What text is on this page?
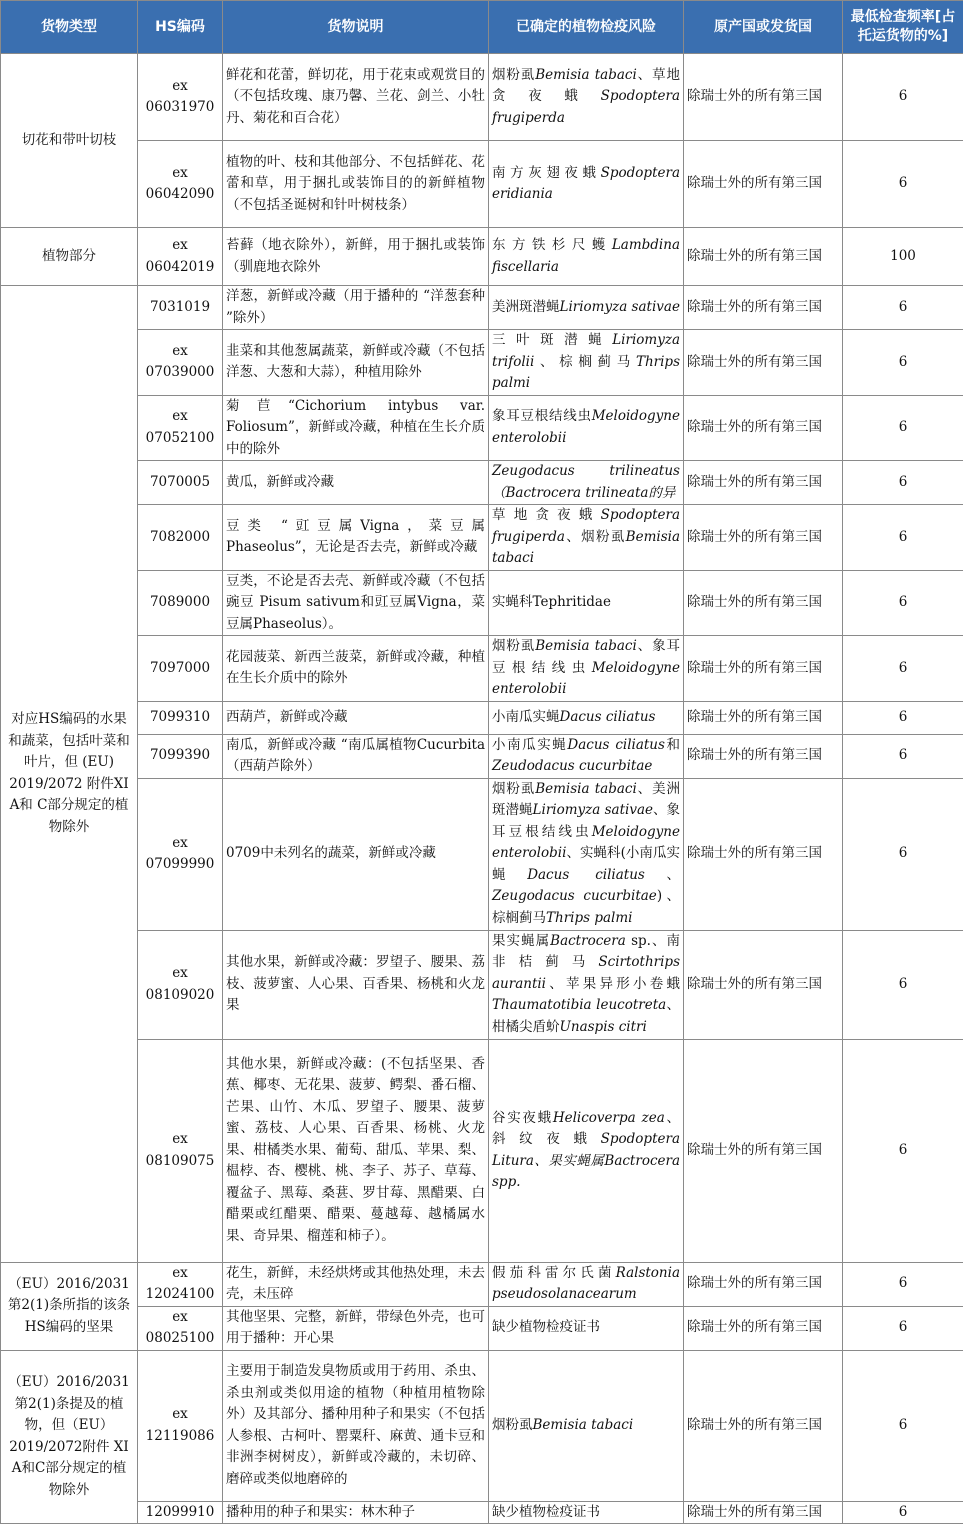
货物类型	HS编码	货物说明	已确定的植物检疫风险	原产国或发货国	最低检查频率[占托运货物的%]
切花和带叶切枝	ex 06031970	鲜花和花蕾，鲜切花，用于花束或观赏目的（不包括玫瑰、康乃馨、兰花、剑兰、小牡丹、菊花和百合花）	烟粉虱Bemisia tabaci、草地贪夜蛾Spodoptera frugiperda	除瑞士外的所有第三国	6
	ex 06042090	植物的叶、枝和其他部分、不包括鲜花、花蕾和草，用于捆扎或装饰目的的新鲜植物（不包括圣诞树和针叶树枝条）	南方灰翅夜蛾Spodoptera eridiania	除瑞士外的所有第三国	6
植物部分	ex 06042019	苔藓（地衣除外），新鲜，用于捆扎或装饰（驯鹿地衣除外	东方铁杉尺蠖Lambdina fiscellaria	除瑞士外的所有第三国	100
对应HS编码的水果和蔬菜，包括叶菜和叶片，但 (EU) 2019/2072 附件XI A和 C部分规定的植物除外	7031019	洋葱，新鲜或冷藏（用于播种的 “洋葱套种 ”除外）	美洲斑潜蝇Liriomyza sativae	除瑞士外的所有第三国	6
	ex 07039000	韭菜和其他葱属蔬菜，新鲜或冷藏（不包括洋葱、大葱和大蒜），种植用除外	三叶斑潜蝇Liriomyza trifolii、棕榈蓟马Thrips palmi	除瑞士外的所有第三国	6
	ex 07052100	菊苣“Cichorium intybus var. Foliosum”，新鲜或冷藏，种植在生长介质中的除外	象耳豆根结线虫Meloidogyne enterolobii	除瑞士外的所有第三国	6
	7070005	黄瓜，新鲜或冷藏	Zeugodacus trilineatus（Bactrocera trilineata的异	除瑞士外的所有第三国	6
	7082000	豆类 “豇豆属Vigna，菜豆属Phaseolus”，无论是否去壳，新鲜或冷藏	草地贪夜蛾Spodoptera frugiperda、烟粉虱Bemisia tabaci	除瑞士外的所有第三国	6
	7089000	豆类，不论是否去壳、新鲜或冷藏（不包括豌豆 Pisum sativum和豇豆属Vigna，菜豆属Phaseolus）。	实蝇科Tephritidae	除瑞士外的所有第三国	6
	7097000	花园菠菜、新西兰菠菜，新鲜或冷藏，种植在生长介质中的除外	烟粉虱Bemisia tabaci、象耳豆根结线虫Meloidogyne enterolobii	除瑞士外的所有第三国	6
	7099310	西葫芦，新鲜或冷藏	小南瓜实蝇Dacus ciliatus	除瑞士外的所有第三国	6
	7099390	南瓜，新鲜或冷藏 “南瓜属植物Cucurbita（西葫芦除外）	小南瓜实蝇Dacus ciliatus和Zeudodacus cucurbitae	除瑞士外的所有第三国	6
	ex 07099990	0709中未列名的蔬菜，新鲜或冷藏	烟粉虱Bemisia tabaci、美洲斑潜蝇Liriomyza sativae、象耳豆根结线虫Meloidogyne enterolobii、实蝇科(小南瓜实蝇Dacus ciliatus、Zeugodacus cucurbitae)、棕榈蓟马Thrips palmi	除瑞士外的所有第三国	6
	ex 08109020	其他水果，新鲜或冷藏：罗望子、腰果、荔枝、菠萝蜜、人心果、百香果、杨桃和火龙果	果实蝇属Bactrocera sp.、南非桔蓟马Scirtothrips aurantii、苹果异形小卷蛾Thaumatotibia leucotreta、柑橘尖盾蚧Unaspis citri	除瑞士外的所有第三国	6
	ex 08109075	其他水果，新鲜或冷藏：(不包括坚果、香蕉、椰枣、无花果、菠萝、鳄梨、番石榴、芒果、山竹、木瓜、罗望子、腰果、菠萝蜜、荔枝、人心果、百香果、杨桃、火龙果、柑橘类水果、葡萄、甜瓜、苹果、梨、榅桲、杏、樱桃、桃、李子、苏子、草莓、覆盆子、黑莓、桑葚、罗甘莓、黑醋栗、白醋栗或红醋栗、醋栗、蔓越莓、越橘属水果、奇异果、榴莲和柿子）。	谷实夜蛾Helicoverpa zea、斜纹夜蛾Spodoptera Litura、果实蝇属Bactrocera spp.	除瑞士外的所有第三国	6
（EU）2016/2031第2(1)条所指的该条HS编码的坚果	ex 12024100	花生，新鲜，未经烘烤或其他热处理，未去壳，未压碎	假茄科雷尔氏菌Ralstonia pseudosolanacearum	除瑞士外的所有第三国	6
	ex 08025100	其他坚果、完整，新鲜，带绿色外壳，也可用于播种：开心果	缺少植物检疫证书	除瑞士外的所有第三国	6
（EU）2016/2031第2(1)条提及的植物，但（EU）2019/2072附件 XI A和C部分规定的植物除外	ex 12119086	主要用于制造发臭物质或用于药用、杀虫、杀虫剂或类似用途的植物（种植用植物除外）及其部分、播种用种子和果实（不包括人参根、古柯叶、罂粟秆、麻黄、通卡豆和非洲李树树皮），新鲜或冷藏的，未切碎、磨碎或类似地磨碎的	烟粉虱Bemisia tabaci	除瑞士外的所有第三国	6
	12099910	播种用的种子和果实：林木种子	缺少植物检疫证书	除瑞士外的所有第三国	6
